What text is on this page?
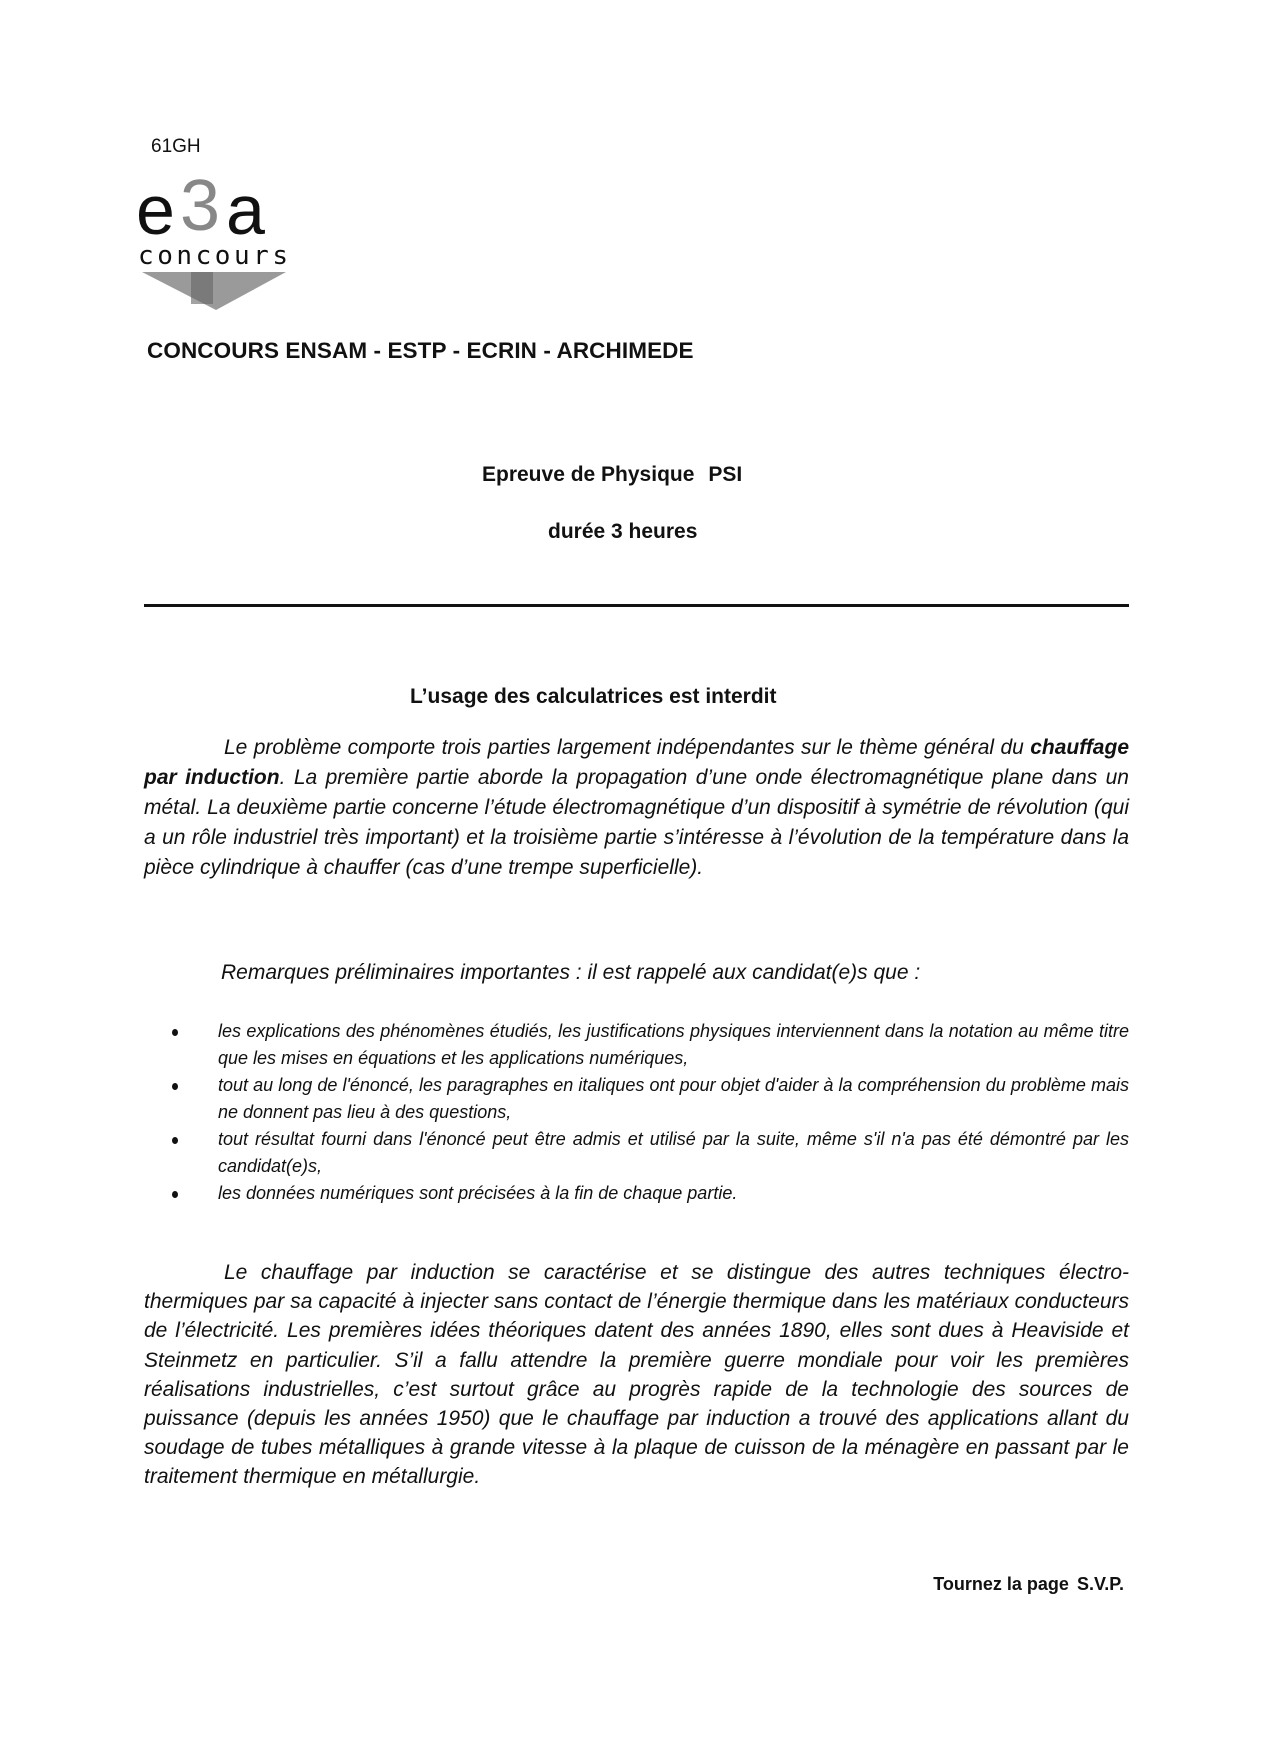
61GH
e 3 a
concours
CONCOURS ENSAM - ESTP - ECRIN - ARCHIMEDE
Epreuve de Physique PSI
durée 3 heures
L’usage des calculatrices est interdit

Le problème comporte trois parties largement indépendantes sur le thème général du chauffage par induction. La première partie aborde la propagation d’une onde électromagnétique plane dans un métal. La deuxième partie concerne l’étude électromagnétique d’un dispositif à symétrie de révolution (qui a un rôle industriel très important) et la troisième partie s’intéresse à l’évolution de la température dans la pièce cylindrique à chauffer (cas d’une trempe superficielle).

Remarques préliminaires importantes : il est rappelé aux candidat(e)s que :
les explications des phénomènes étudiés, les justifications physiques interviennent dans la notation au même titre que les mises en équations et les applications numériques,
tout au long de l'énoncé, les paragraphes en italiques ont pour objet d'aider à la compréhension du problème mais ne donnent pas lieu à des questions,
tout résultat fourni dans l'énoncé peut être admis et utilisé par la suite, même s'il n'a pas été démontré par les candidat(e)s,
les données numériques sont précisées à la fin de chaque partie.

Le chauffage par induction se caractérise et se distingue des autres techniques électro-thermiques par sa capacité à injecter sans contact de l’énergie thermique dans les matériaux conducteurs de l’électricité. Les premières idées théoriques datent des années 1890, elles sont dues à Heaviside et Steinmetz en particulier. S’il a fallu attendre la première guerre mondiale pour voir les premières réalisations industrielles, c’est surtout grâce au progrès rapide de la technologie des sources de puissance (depuis les années 1950) que le chauffage par induction a trouvé des applications allant du soudage de tubes métalliques à grande vitesse à la plaque de cuisson de la ménagère en passant par le traitement thermique en métallurgie.

Tournez la page S.V.P.
